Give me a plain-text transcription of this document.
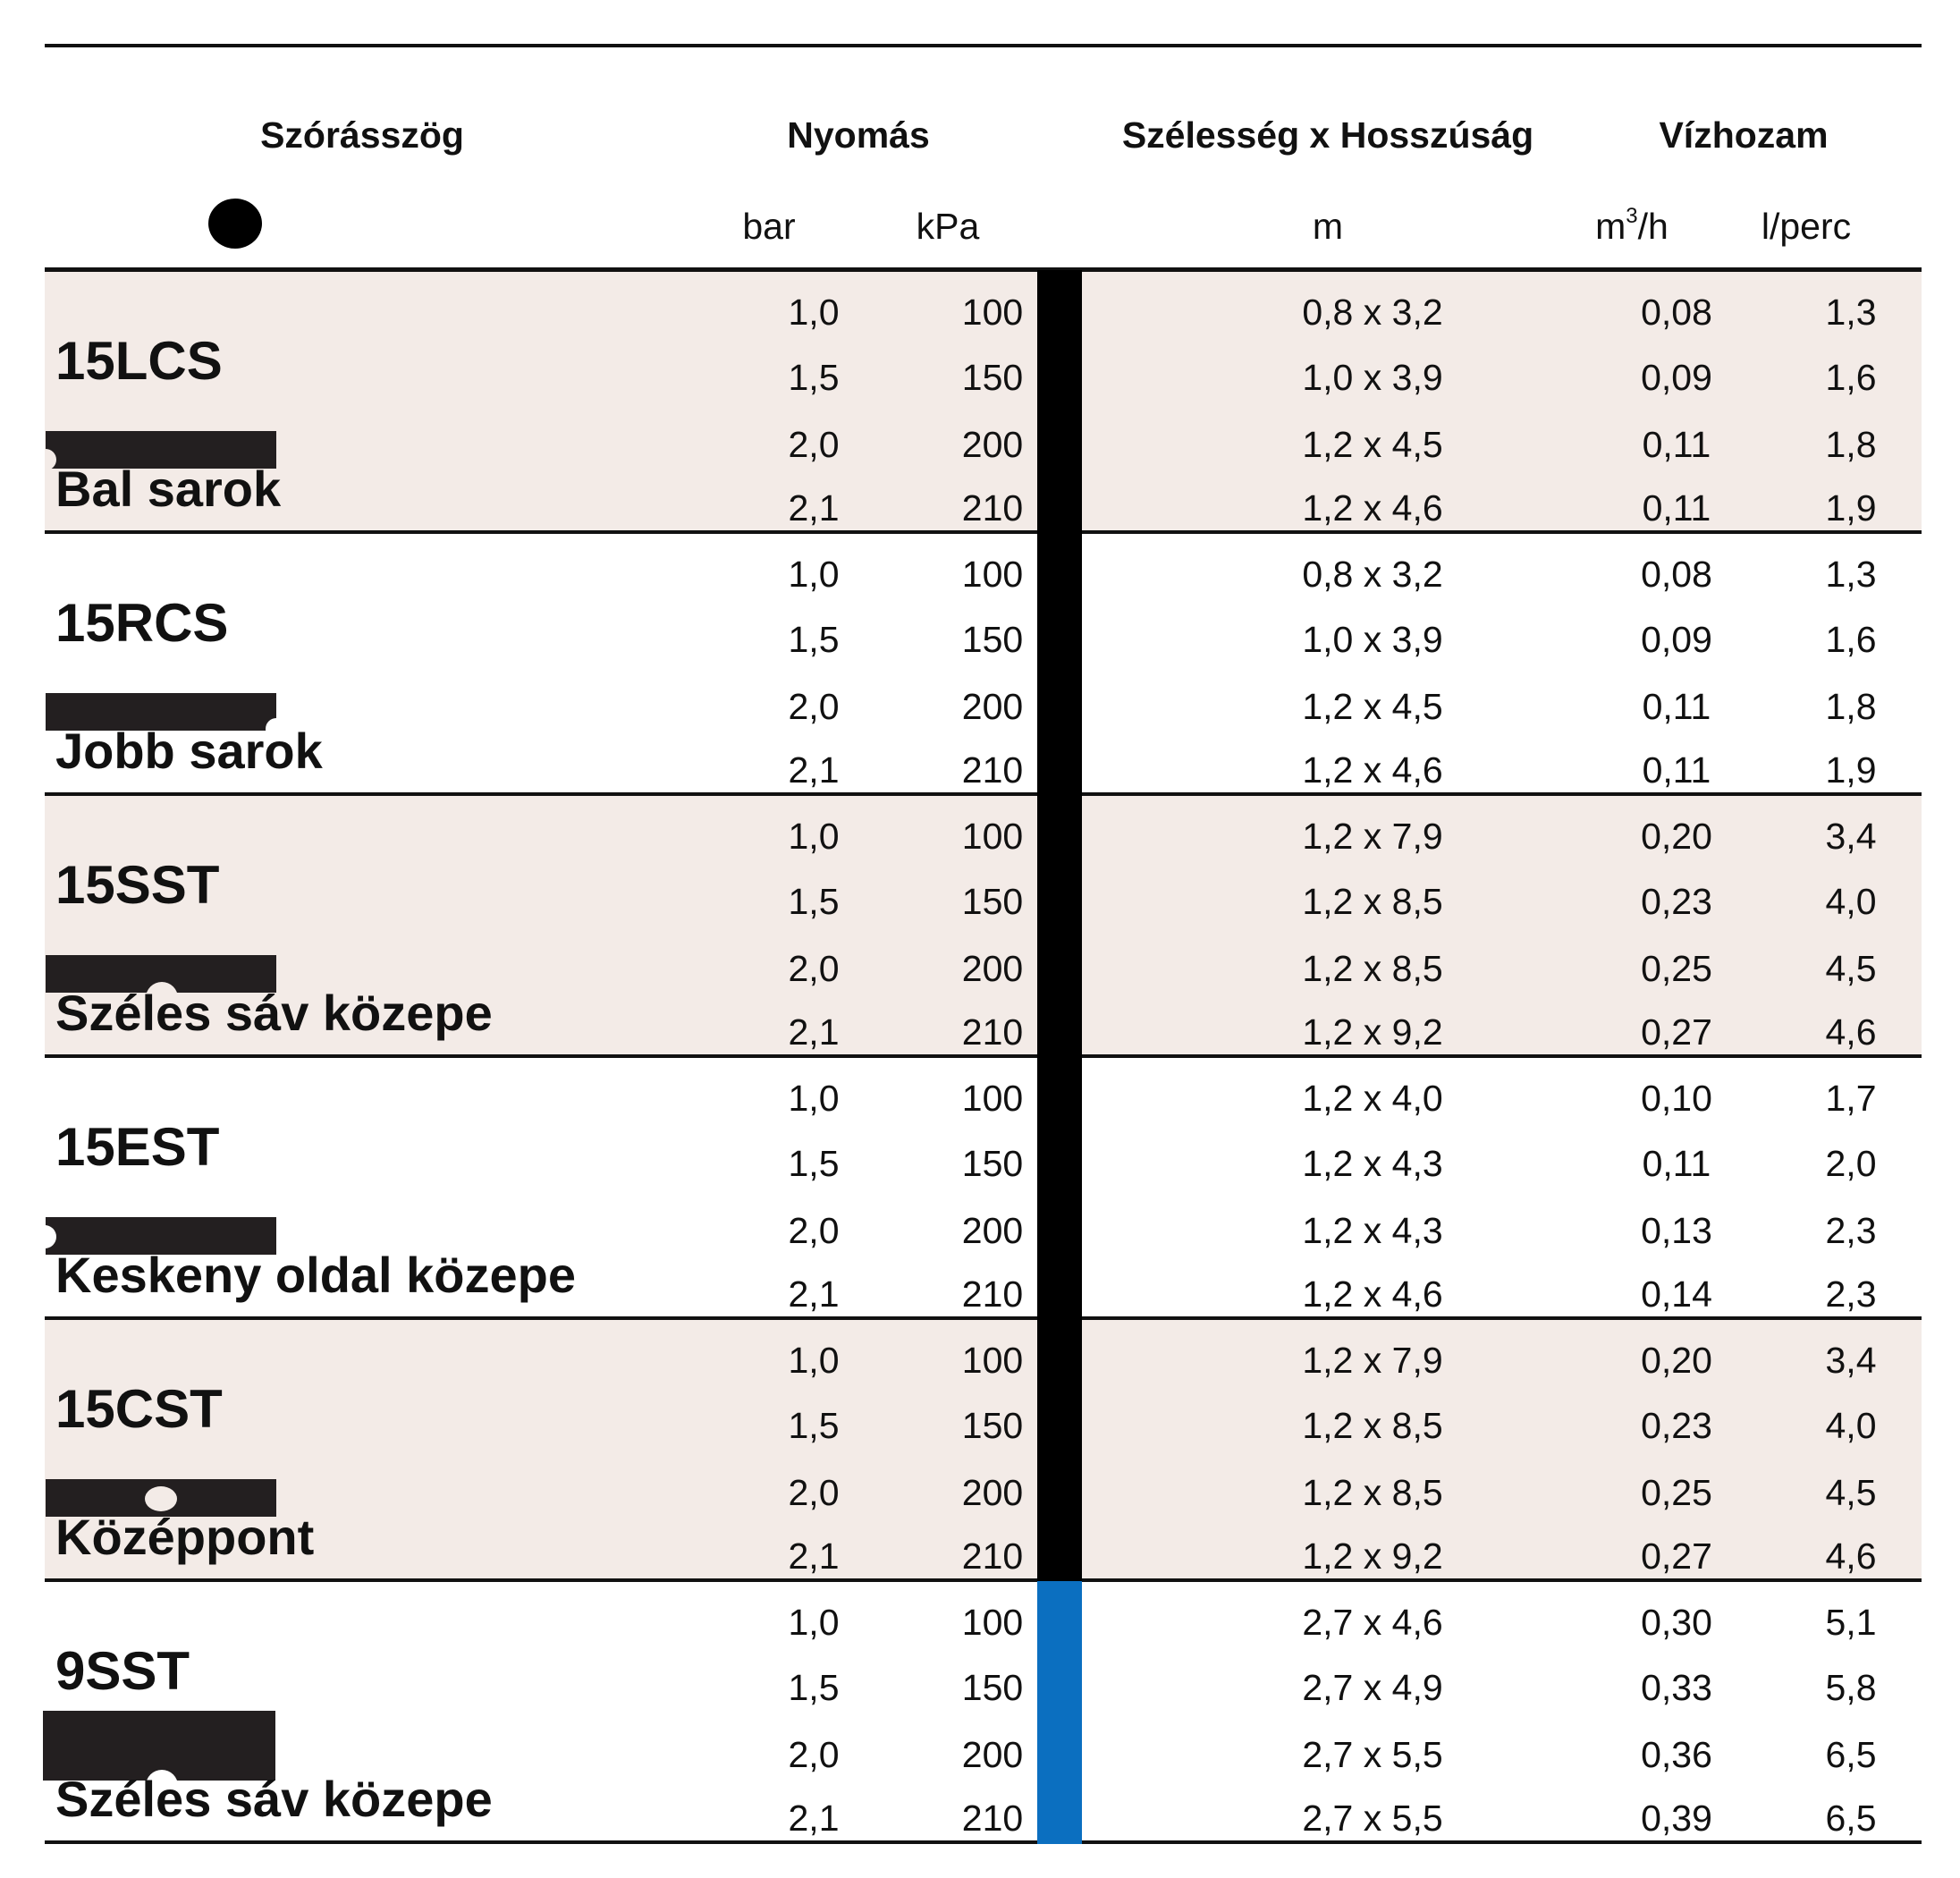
Szórásszög	Nyomás	Szélesség x Hosszúság	Vízhozam
bar	kPa	m	$m^3/h$	l/perc
15LCS
Bal sarok
1,0	100	0,8 x 3,2	0,08	1,3
1,5	150	1,0 x 3,9	0,09	1,6
2,0	200	1,2 x 4,5	0,11	1,8
2,1	210	1,2 x 4,6	0,11	1,9
15RCS
Jobb sarok
1,0	100	0,8 x 3,2	0,08	1,3
1,5	150	1,0 x 3,9	0,09	1,6
2,0	200	1,2 x 4,5	0,11	1,8
2,1	210	1,2 x 4,6	0,11	1,9
15SST
Széles sáv közepe
1,0	100	1,2 x 7,9	0,20	3,4
1,5	150	1,2 x 8,5	0,23	4,0
2,0	200	1,2 x 8,5	0,25	4,5
2,1	210	1,2 x 9,2	0,27	4,6
15EST
Keskeny oldal közepe
1,0	100	1,2 x 4,0	0,10	1,7
1,5	150	1,2 x 4,3	0,11	2,0
2,0	200	1,2 x 4,3	0,13	2,3
2,1	210	1,2 x 4,6	0,14	2,3
15CST
Középpont
1,0	100	1,2 x 7,9	0,20	3,4
1,5	150	1,2 x 8,5	0,23	4,0
2,0	200	1,2 x 8,5	0,25	4,5
2,1	210	1,2 x 9,2	0,27	4,6
9SST
Széles sáv közepe
1,0	100	2,7 x 4,6	0,30	5,1
1,5	150	2,7 x 4,9	0,33	5,8
2,0	200	2,7 x 5,5	0,36	6,5
2,1	210	2,7 x 5,5	0,39	6,5
